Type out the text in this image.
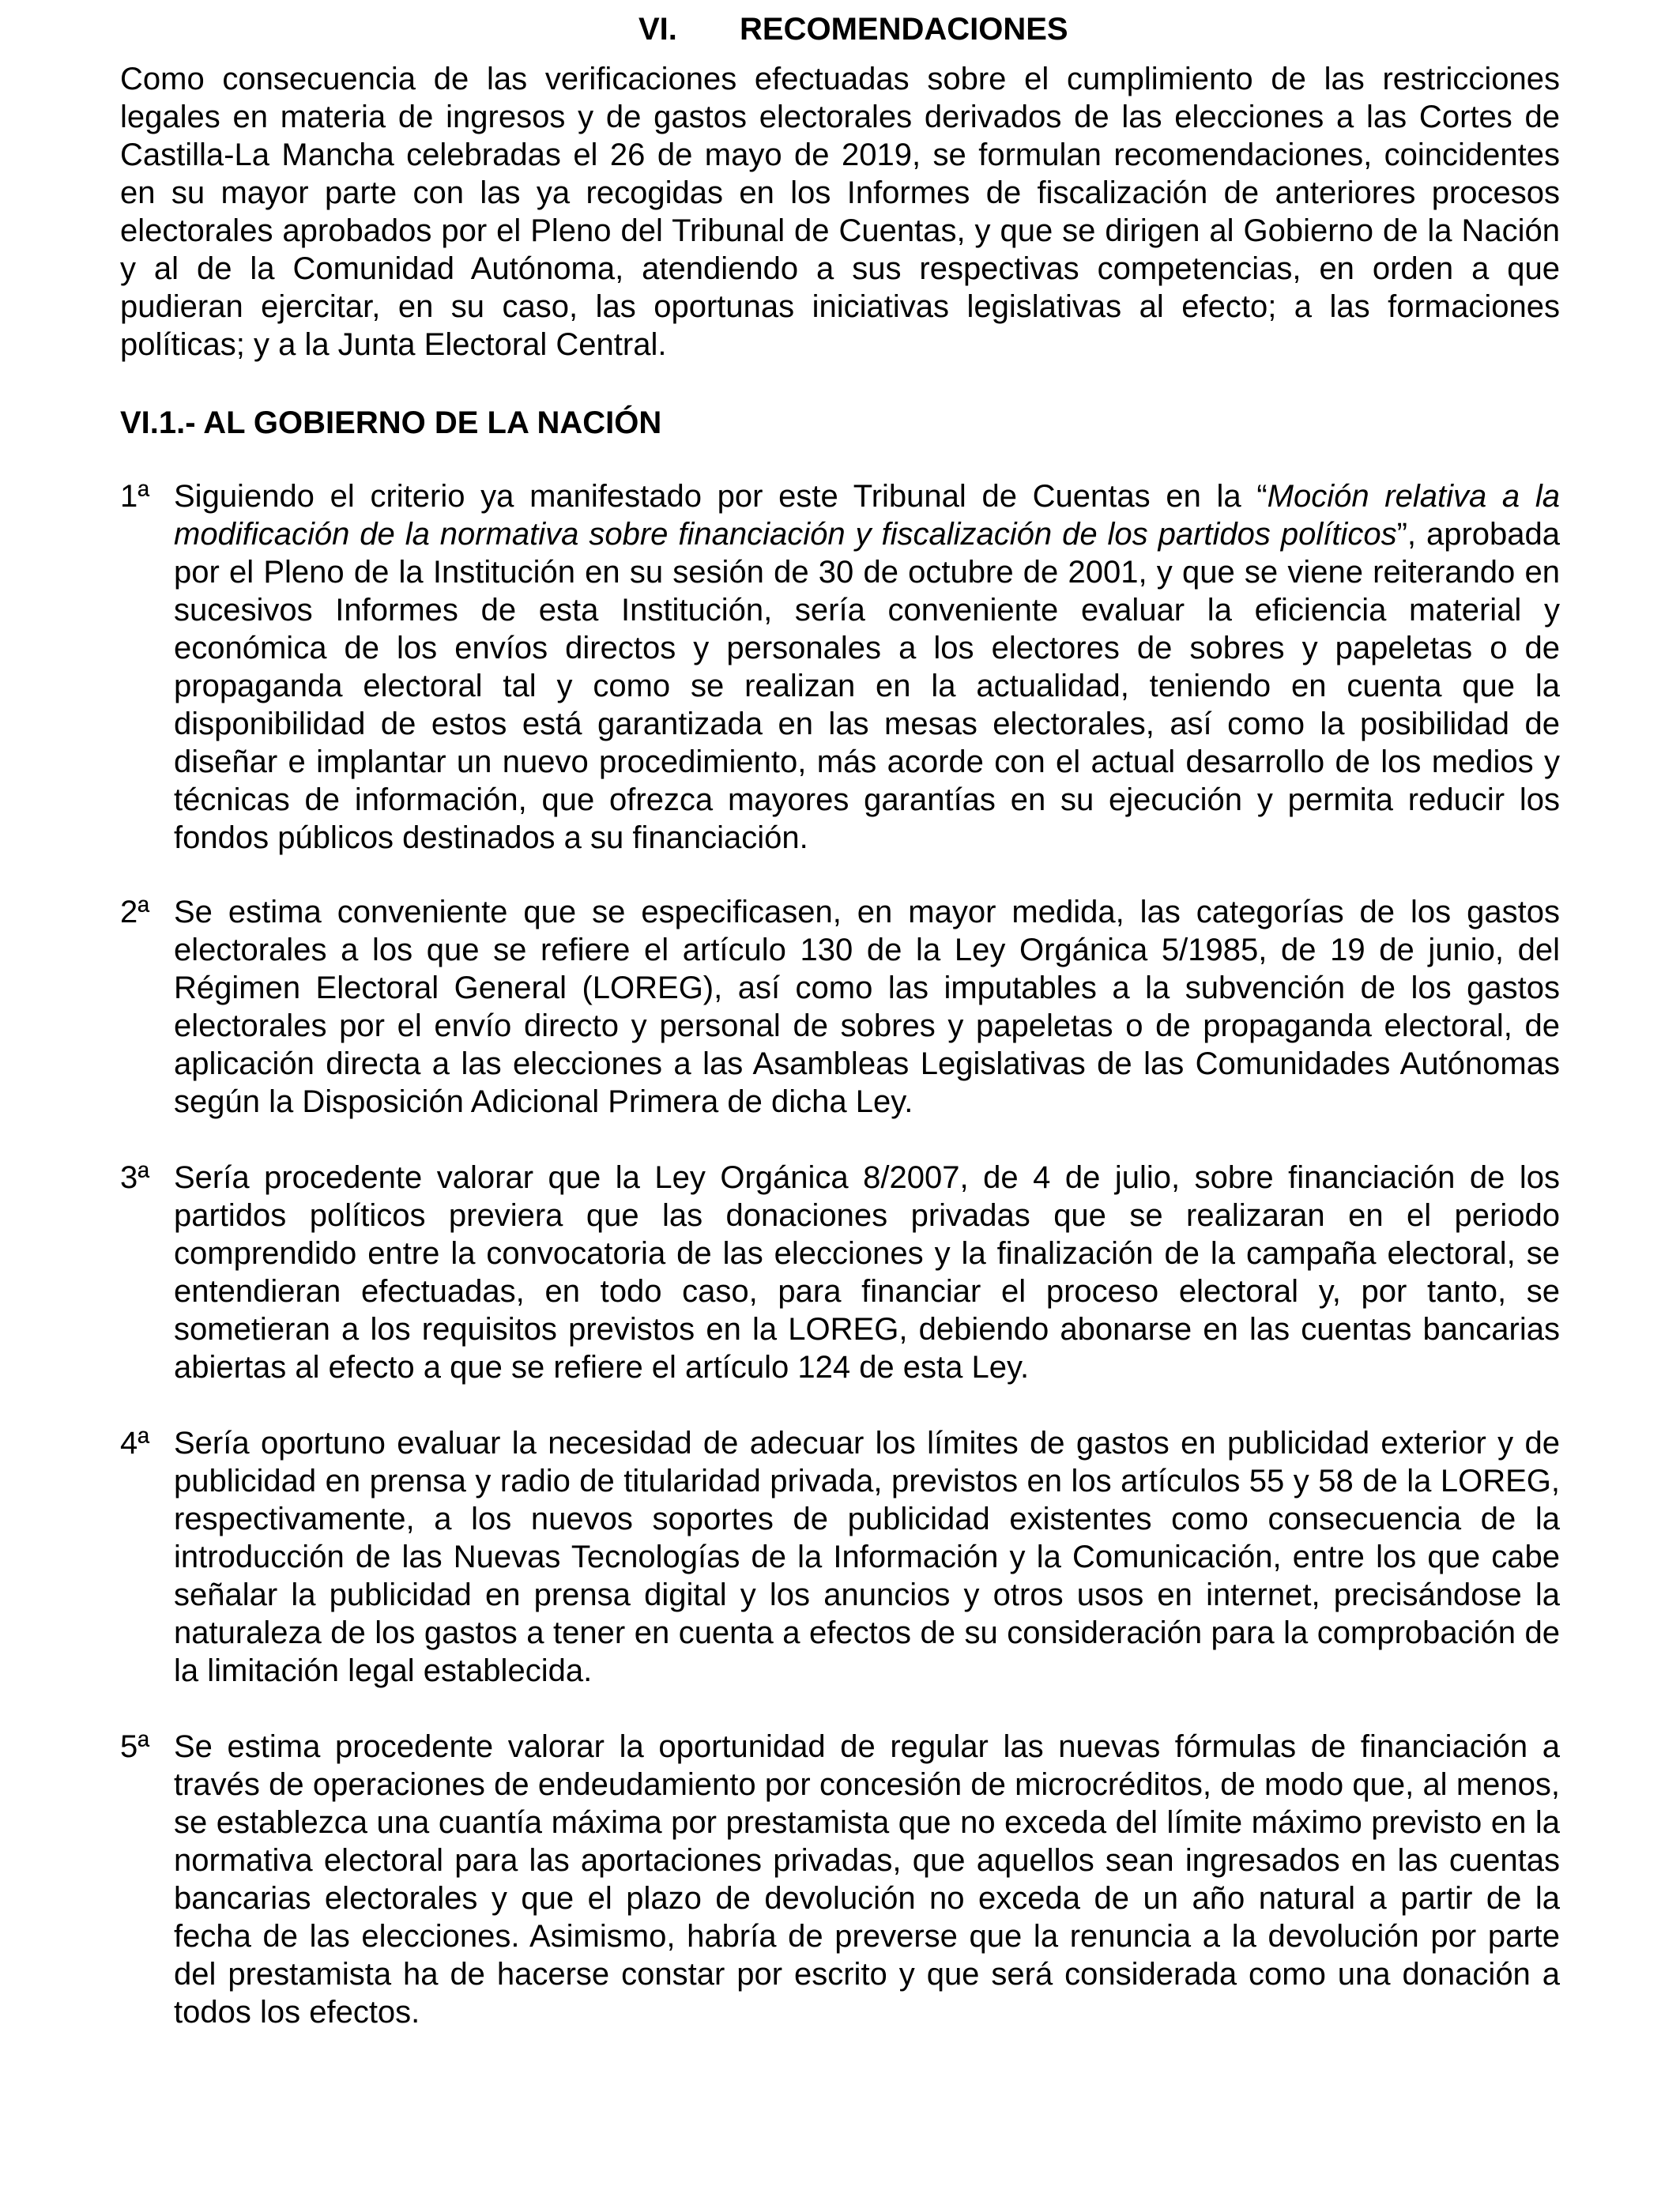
VI. RECOMENDACIONES

Como consecuencia de las verificaciones efectuadas sobre el cumplimiento de las restricciones legales en materia de ingresos y de gastos electorales derivados de las elecciones a las Cortes de Castilla-La Mancha celebradas el 26 de mayo de 2019, se formulan recomendaciones, coincidentes en su mayor parte con las ya recogidas en los Informes de fiscalización de anteriores procesos electorales aprobados por el Pleno del Tribunal de Cuentas, y que se dirigen al Gobierno de la Nación y al de la Comunidad Autónoma, atendiendo a sus respectivas competencias, en orden a que pudieran ejercitar, en su caso, las oportunas iniciativas legislativas al efecto; a las formaciones políticas; y a la Junta Electoral Central.

VI.1.- AL GOBIERNO DE LA NACIÓN
1ª Siguiendo el criterio ya manifestado por este Tribunal de Cuentas en la “Moción relativa a la modificación de la normativa sobre financiación y fiscalización de los partidos políticos”, aprobada por el Pleno de la Institución en su sesión de 30 de octubre de 2001, y que se viene reiterando en sucesivos Informes de esta Institución, sería conveniente evaluar la eficiencia material y económica de los envíos directos y personales a los electores de sobres y papeletas o de propaganda electoral tal y como se realizan en la actualidad, teniendo en cuenta que la disponibilidad de estos está garantizada en las mesas electorales, así como la posibilidad de diseñar e implantar un nuevo procedimiento, más acorde con el actual desarrollo de los medios y técnicas de información, que ofrezca mayores garantías en su ejecución y permita reducir los fondos públicos destinados a su financiación.

2ª Se estima conveniente que se especificasen, en mayor medida, las categorías de los gastos electorales a los que se refiere el artículo 130 de la Ley Orgánica 5/1985, de 19 de junio, del Régimen Electoral General (LOREG), así como las imputables a la subvención de los gastos electorales por el envío directo y personal de sobres y papeletas o de propaganda electoral, de aplicación directa a las elecciones a las Asambleas Legislativas de las Comunidades Autónomas según la Disposición Adicional Primera de dicha Ley.

3ª Sería procedente valorar que la Ley Orgánica 8/2007, de 4 de julio, sobre financiación de los partidos políticos previera que las donaciones privadas que se realizaran en el periodo comprendido entre la convocatoria de las elecciones y la finalización de la campaña electoral, se entendieran efectuadas, en todo caso, para financiar el proceso electoral y, por tanto, se sometieran a los requisitos previstos en la LOREG, debiendo abonarse en las cuentas bancarias abiertas al efecto a que se refiere el artículo 124 de esta Ley.

4ª Sería oportuno evaluar la necesidad de adecuar los límites de gastos en publicidad exterior y de publicidad en prensa y radio de titularidad privada, previstos en los artículos 55 y 58 de la LOREG, respectivamente, a los nuevos soportes de publicidad existentes como consecuencia de la introducción de las Nuevas Tecnologías de la Información y la Comunicación, entre los que cabe señalar la publicidad en prensa digital y los anuncios y otros usos en internet, precisándose la naturaleza de los gastos a tener en cuenta a efectos de su consideración para la comprobación de la limitación legal establecida.

5ª Se estima procedente valorar la oportunidad de regular las nuevas fórmulas de financiación a través de operaciones de endeudamiento por concesión de microcréditos, de modo que, al menos, se establezca una cuantía máxima por prestamista que no exceda del límite máximo previsto en la normativa electoral para las aportaciones privadas, que aquellos sean ingresados en las cuentas bancarias electorales y que el plazo de devolución no exceda de un año natural a partir de la fecha de las elecciones. Asimismo, habría de preverse que la renuncia a la devolución por parte del prestamista ha de hacerse constar por escrito y que será considerada como una donación a todos los efectos.
